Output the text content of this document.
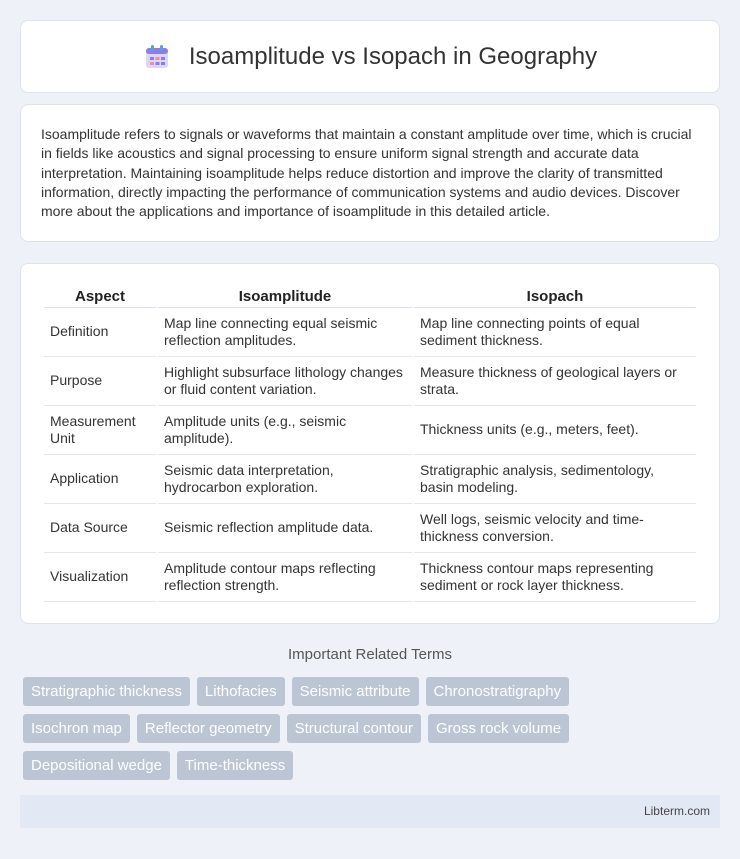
Isoamplitude vs Isopach in Geography

Isoamplitude refers to signals or waveforms that maintain a constant amplitude over time, which is crucial in fields like acoustics and signal processing to ensure uniform signal strength and accurate data interpretation. Maintaining isoamplitude helps reduce distortion and improve the clarity of transmitted information, directly impacting the performance of communication systems and audio devices. Discover more about the applications and importance of isoamplitude in this detailed article.

Aspect	Isoamplitude	Isopach
Definition	Map line connecting equal seismic reflection amplitudes.	Map line connecting points of equal sediment thickness.
Purpose	Highlight subsurface lithology changes or fluid content variation.	Measure thickness of geological layers or strata.
Measurement Unit	Amplitude units (e.g., seismic amplitude).	Thickness units (e.g., meters, feet).
Application	Seismic data interpretation, hydrocarbon exploration.	Stratigraphic analysis, sedimentology, basin modeling.
Data Source	Seismic reflection amplitude data.	Well logs, seismic velocity and time-thickness conversion.
Visualization	Amplitude contour maps reflecting reflection strength.	Thickness contour maps representing sediment or rock layer thickness.
Important Related Terms
Stratigraphic thickness	Lithofacies	Seismic attribute	Chronostratigraphy
Isochron map	Reflector geometry	Structural contour	Gross rock volume
Depositional wedge	Time-thickness
Libterm.com
